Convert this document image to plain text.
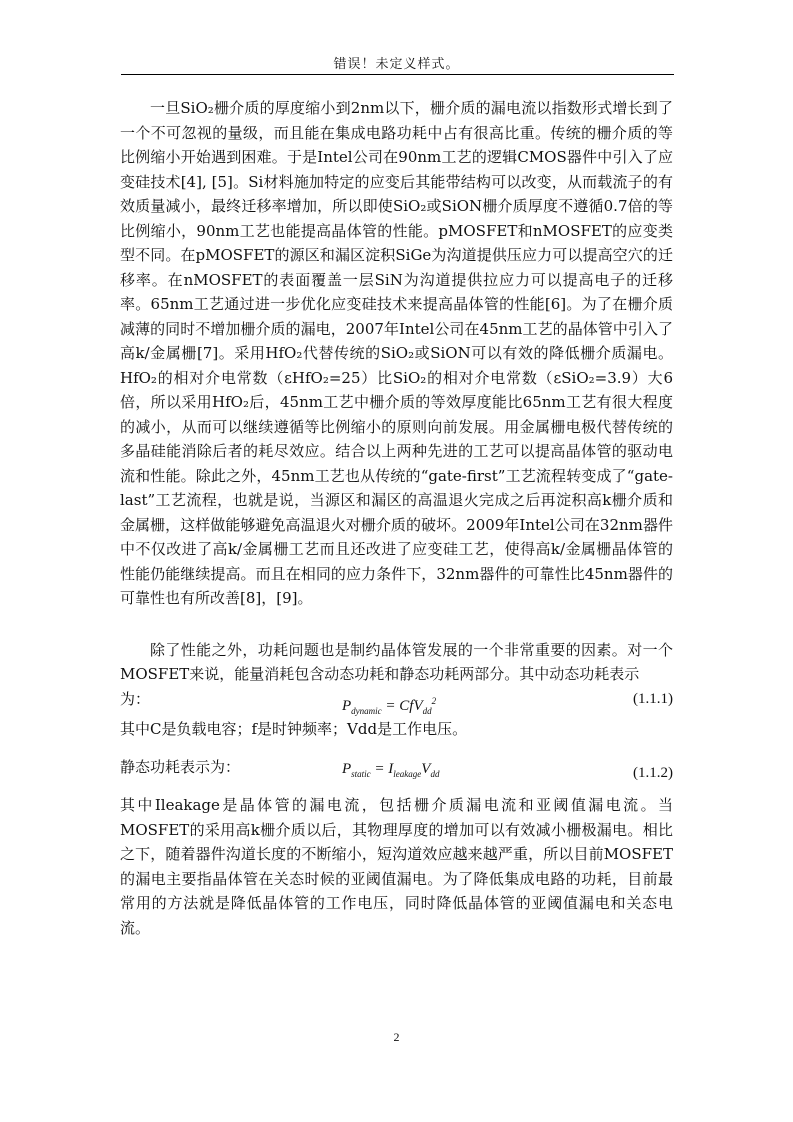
错误！未定义样式。

一旦SiO₂栅介质的厚度缩小到2nm以下，栅介质的漏电流以指数形式增长到了一个不可忽视的量级，而且能在集成电路功耗中占有很高比重。传统的栅介质的等比例缩小开始遇到困难。于是Intel公司在90nm工艺的逻辑CMOS器件中引入了应变硅技术[4], [5]。Si材料施加特定的应变后其能带结构可以改变，从而载流子的有效质量减小，最终迁移率增加，所以即使SiO₂或SiON栅介质厚度不遵循0.7倍的等比例缩小，90nm工艺也能提高晶体管的性能。pMOSFET和nMOSFET的应变类型不同。在pMOSFET的源区和漏区淀积SiGe为沟道提供压应力可以提高空穴的迁移率。在nMOSFET的表面覆盖一层SiN为沟道提供拉应力可以提高电子的迁移率。65nm工艺通过进一步优化应变硅技术来提高晶体管的性能[6]。为了在栅介质减薄的同时不增加栅介质的漏电，2007年Intel公司在45nm工艺的晶体管中引入了高k/金属栅[7]。采用HfO₂代替传统的SiO₂或SiON可以有效的降低栅介质漏电。HfO₂的相对介电常数（εHfO₂=25）比SiO₂的相对介电常数（εSiO₂=3.9）大6倍，所以采用HfO₂后，45nm工艺中栅介质的等效厚度能比65nm工艺有很大程度的减小，从而可以继续遵循等比例缩小的原则向前发展。用金属栅电极代替传统的多晶硅能消除后者的耗尽效应。结合以上两种先进的工艺可以提高晶体管的驱动电流和性能。除此之外，45nm工艺也从传统的“gate-first”工艺流程转变成了“gate-last”工艺流程，也就是说，当源区和漏区的高温退火完成之后再淀积高k栅介质和金属栅，这样做能够避免高温退火对栅介质的破坏。2009年Intel公司在32nm器件中不仅改进了高k/金属栅工艺而且还改进了应变硅工艺，使得高k/金属栅晶体管的性能仍能继续提高。而且在相同的应力条件下，32nm器件的可靠性比45nm器件的可靠性也有所改善[8]，[9]。

除了性能之外，功耗问题也是制约晶体管发展的一个非常重要的因素。对一个MOSFET来说，能量消耗包含动态功耗和静态功耗两部分。其中动态功耗表示

为：	$P_{dynamic} = CfV_{dd}^2$	(1.1.1)

其中C是负载电容；f是时钟频率；Vdd是工作电压。

静态功耗表示为：	$P_{static} = I_{leakage}V_{dd}$	(1.1.2)

其中Ileakage是晶体管的漏电流，包括栅介质漏电流和亚阈值漏电流。当MOSFET的采用高k栅介质以后，其物理厚度的增加可以有效减小栅极漏电。相比之下，随着器件沟道长度的不断缩小，短沟道效应越来越严重，所以目前MOSFET的漏电主要指晶体管在关态时候的亚阈值漏电。为了降低集成电路的功耗，目前最常用的方法就是降低晶体管的工作电压，同时降低晶体管的亚阈值漏电和关态电流。

2
